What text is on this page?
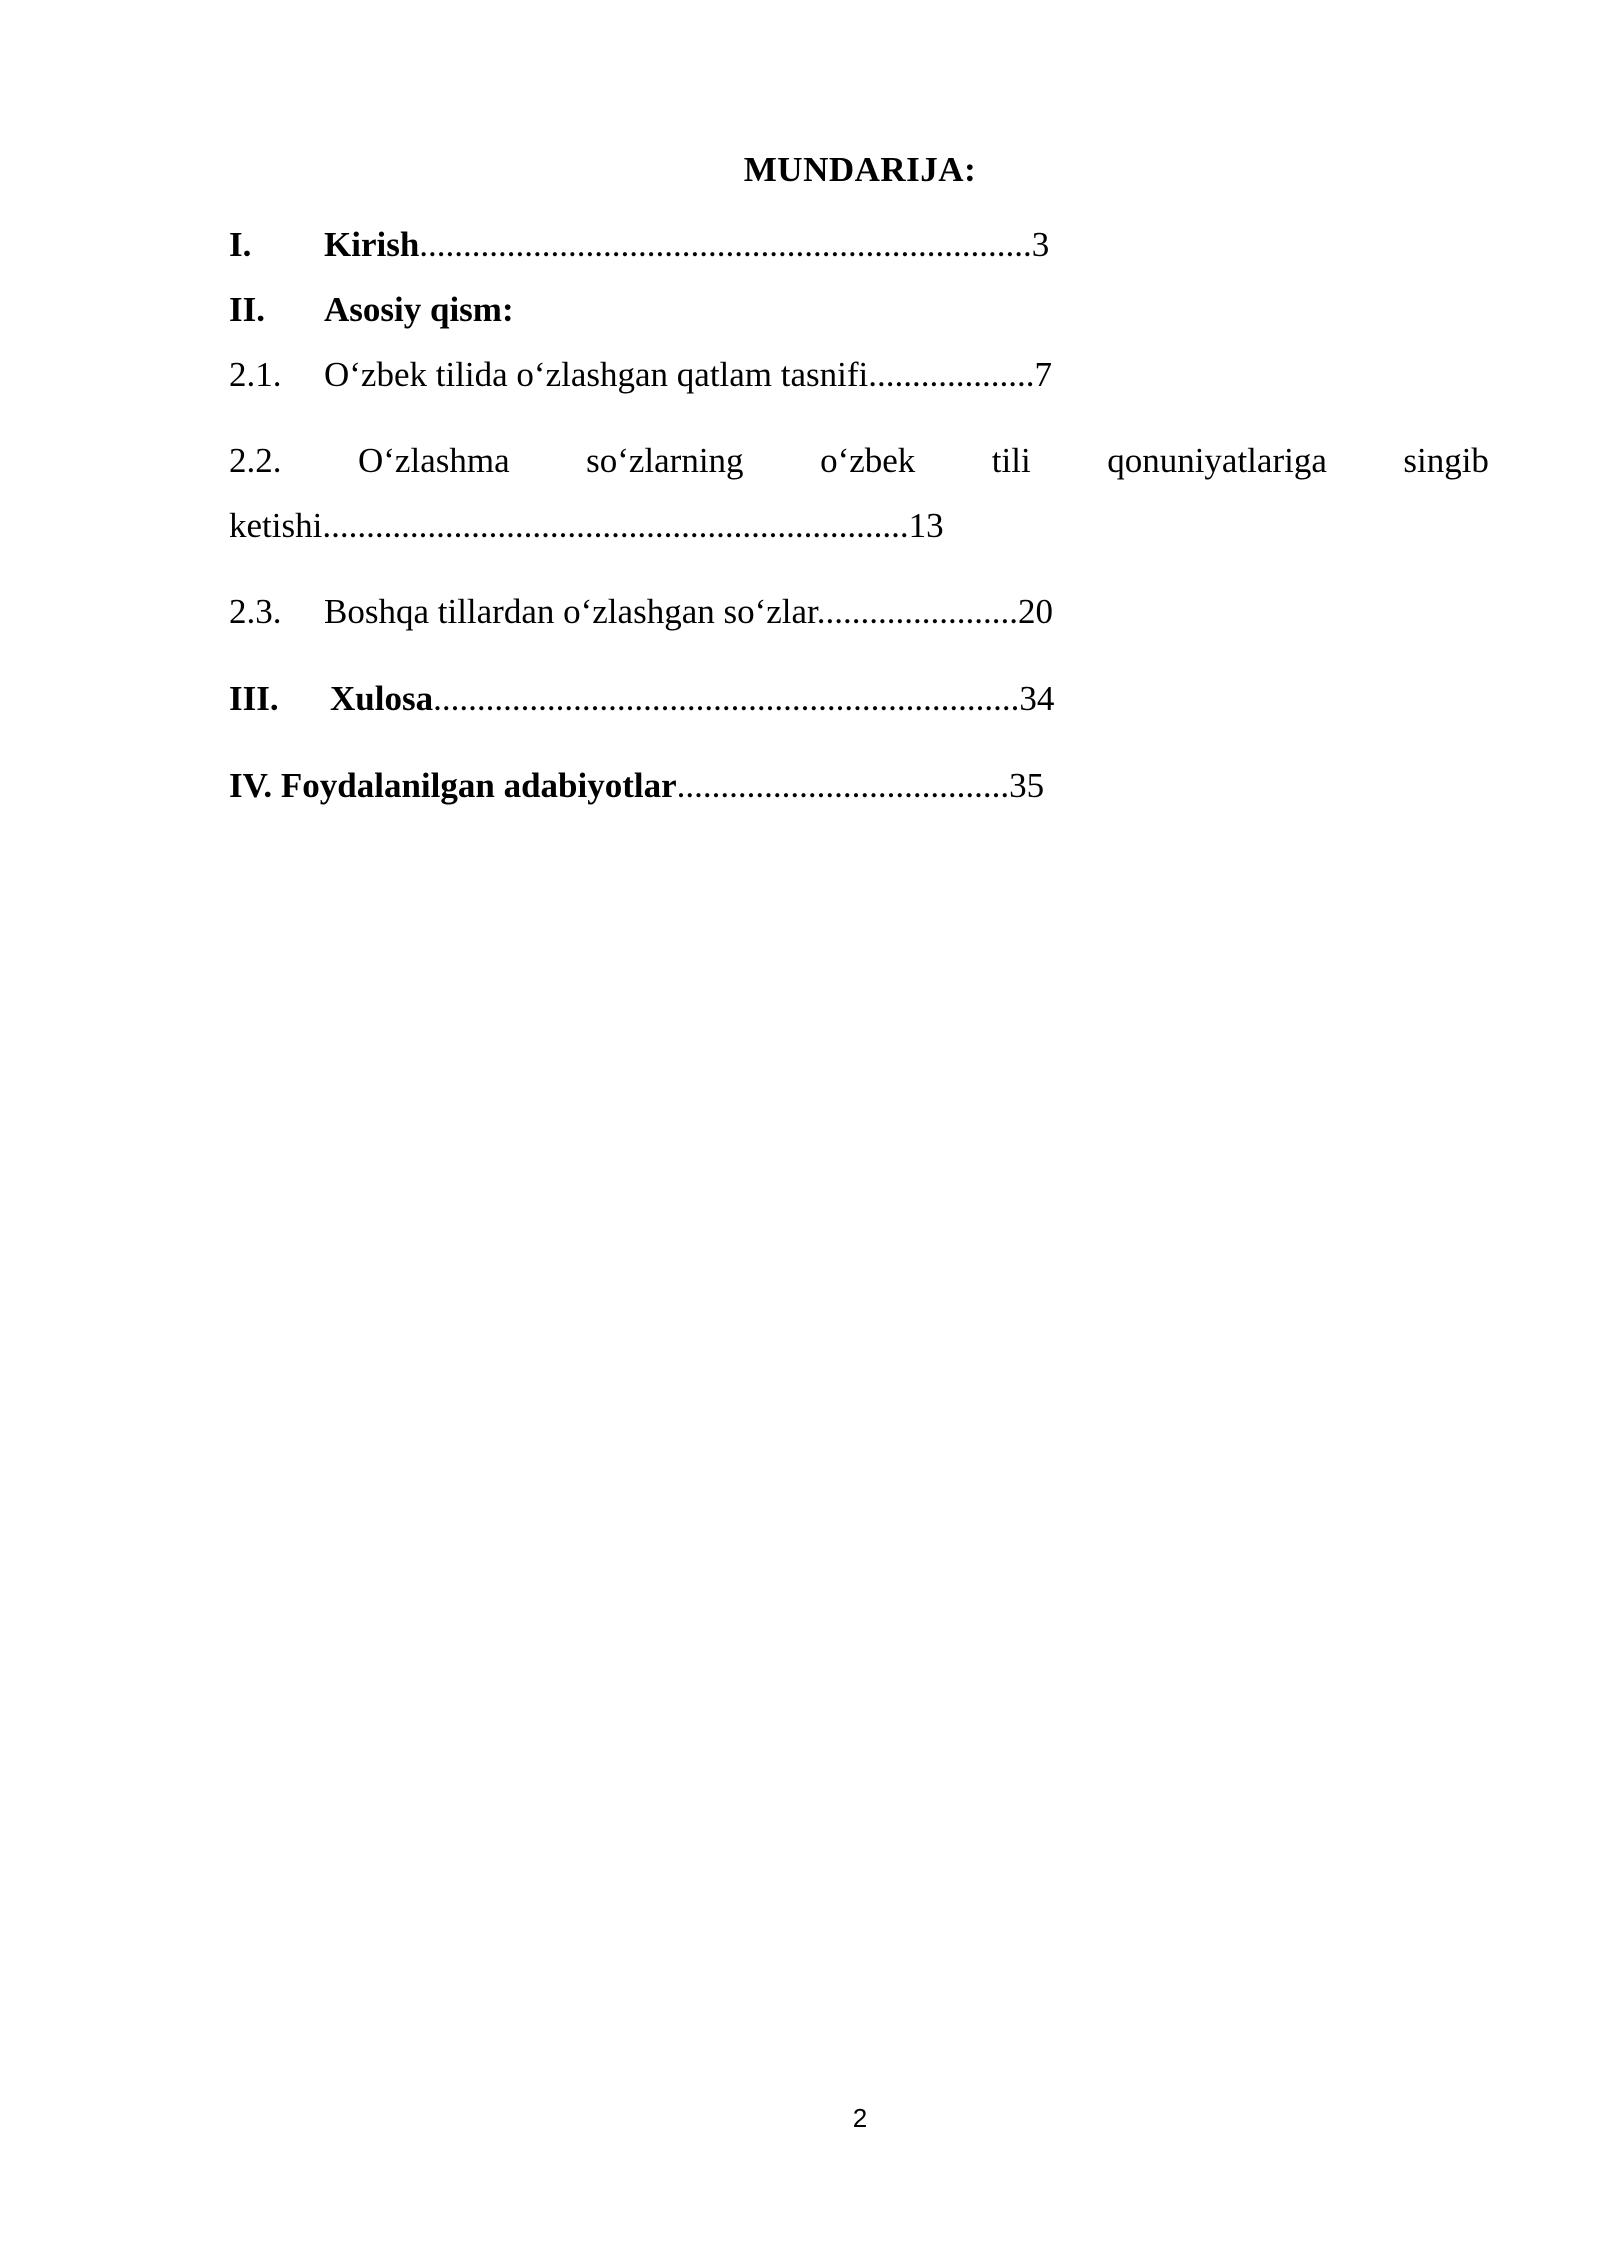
MUNDARIJA:
I. Kirish......................................................................3
II. Asosiy qism:
2.1. O‘zbek tilida o‘zlashgan qatlam tasnifi...................7
2.2. O‘zlashma so‘zlarning o‘zbek tili qonuniyatlariga singib
ketishi...................................................................13
2.3. Boshqa tillardan o‘zlashgan so‘zlar.......................20
III. Xulosa...................................................................34
IV. Foydalanilgan adabiyotlar......................................35
2
